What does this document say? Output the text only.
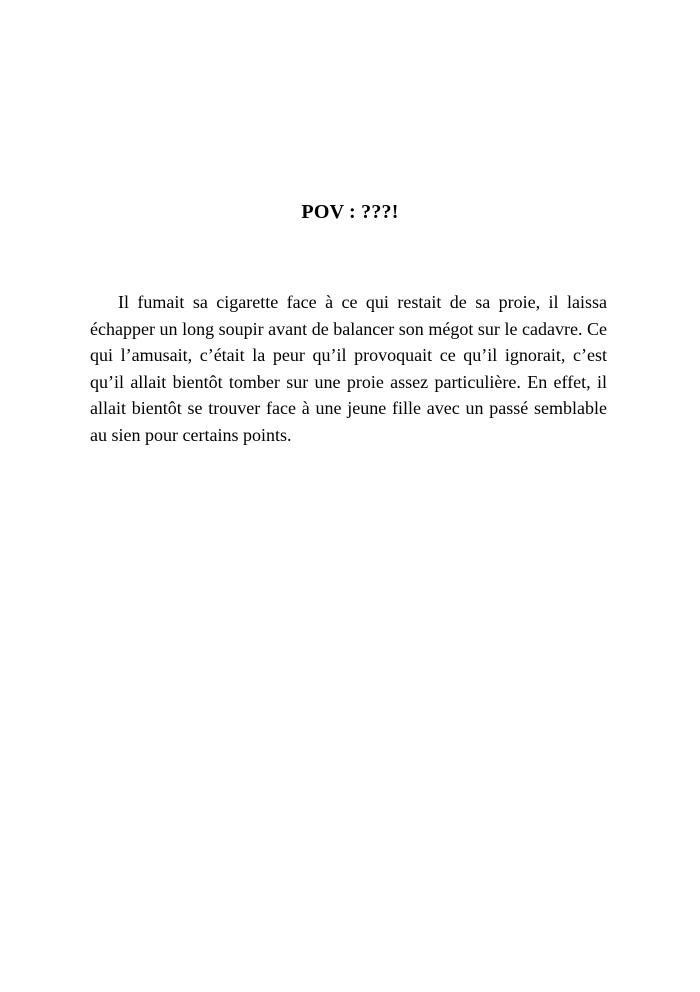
POV : ???!

Il fumait sa cigarette face à ce qui restait de sa proie, il laissa échapper un long soupir avant de balancer son mégot sur le cadavre. Ce qui l’amusait, c’était la peur qu’il provoquait ce qu’il ignorait, c’est qu’il allait bientôt tomber sur une proie assez particulière. En effet, il allait bientôt se trouver face à une jeune fille avec un passé semblable au sien pour certains points.
